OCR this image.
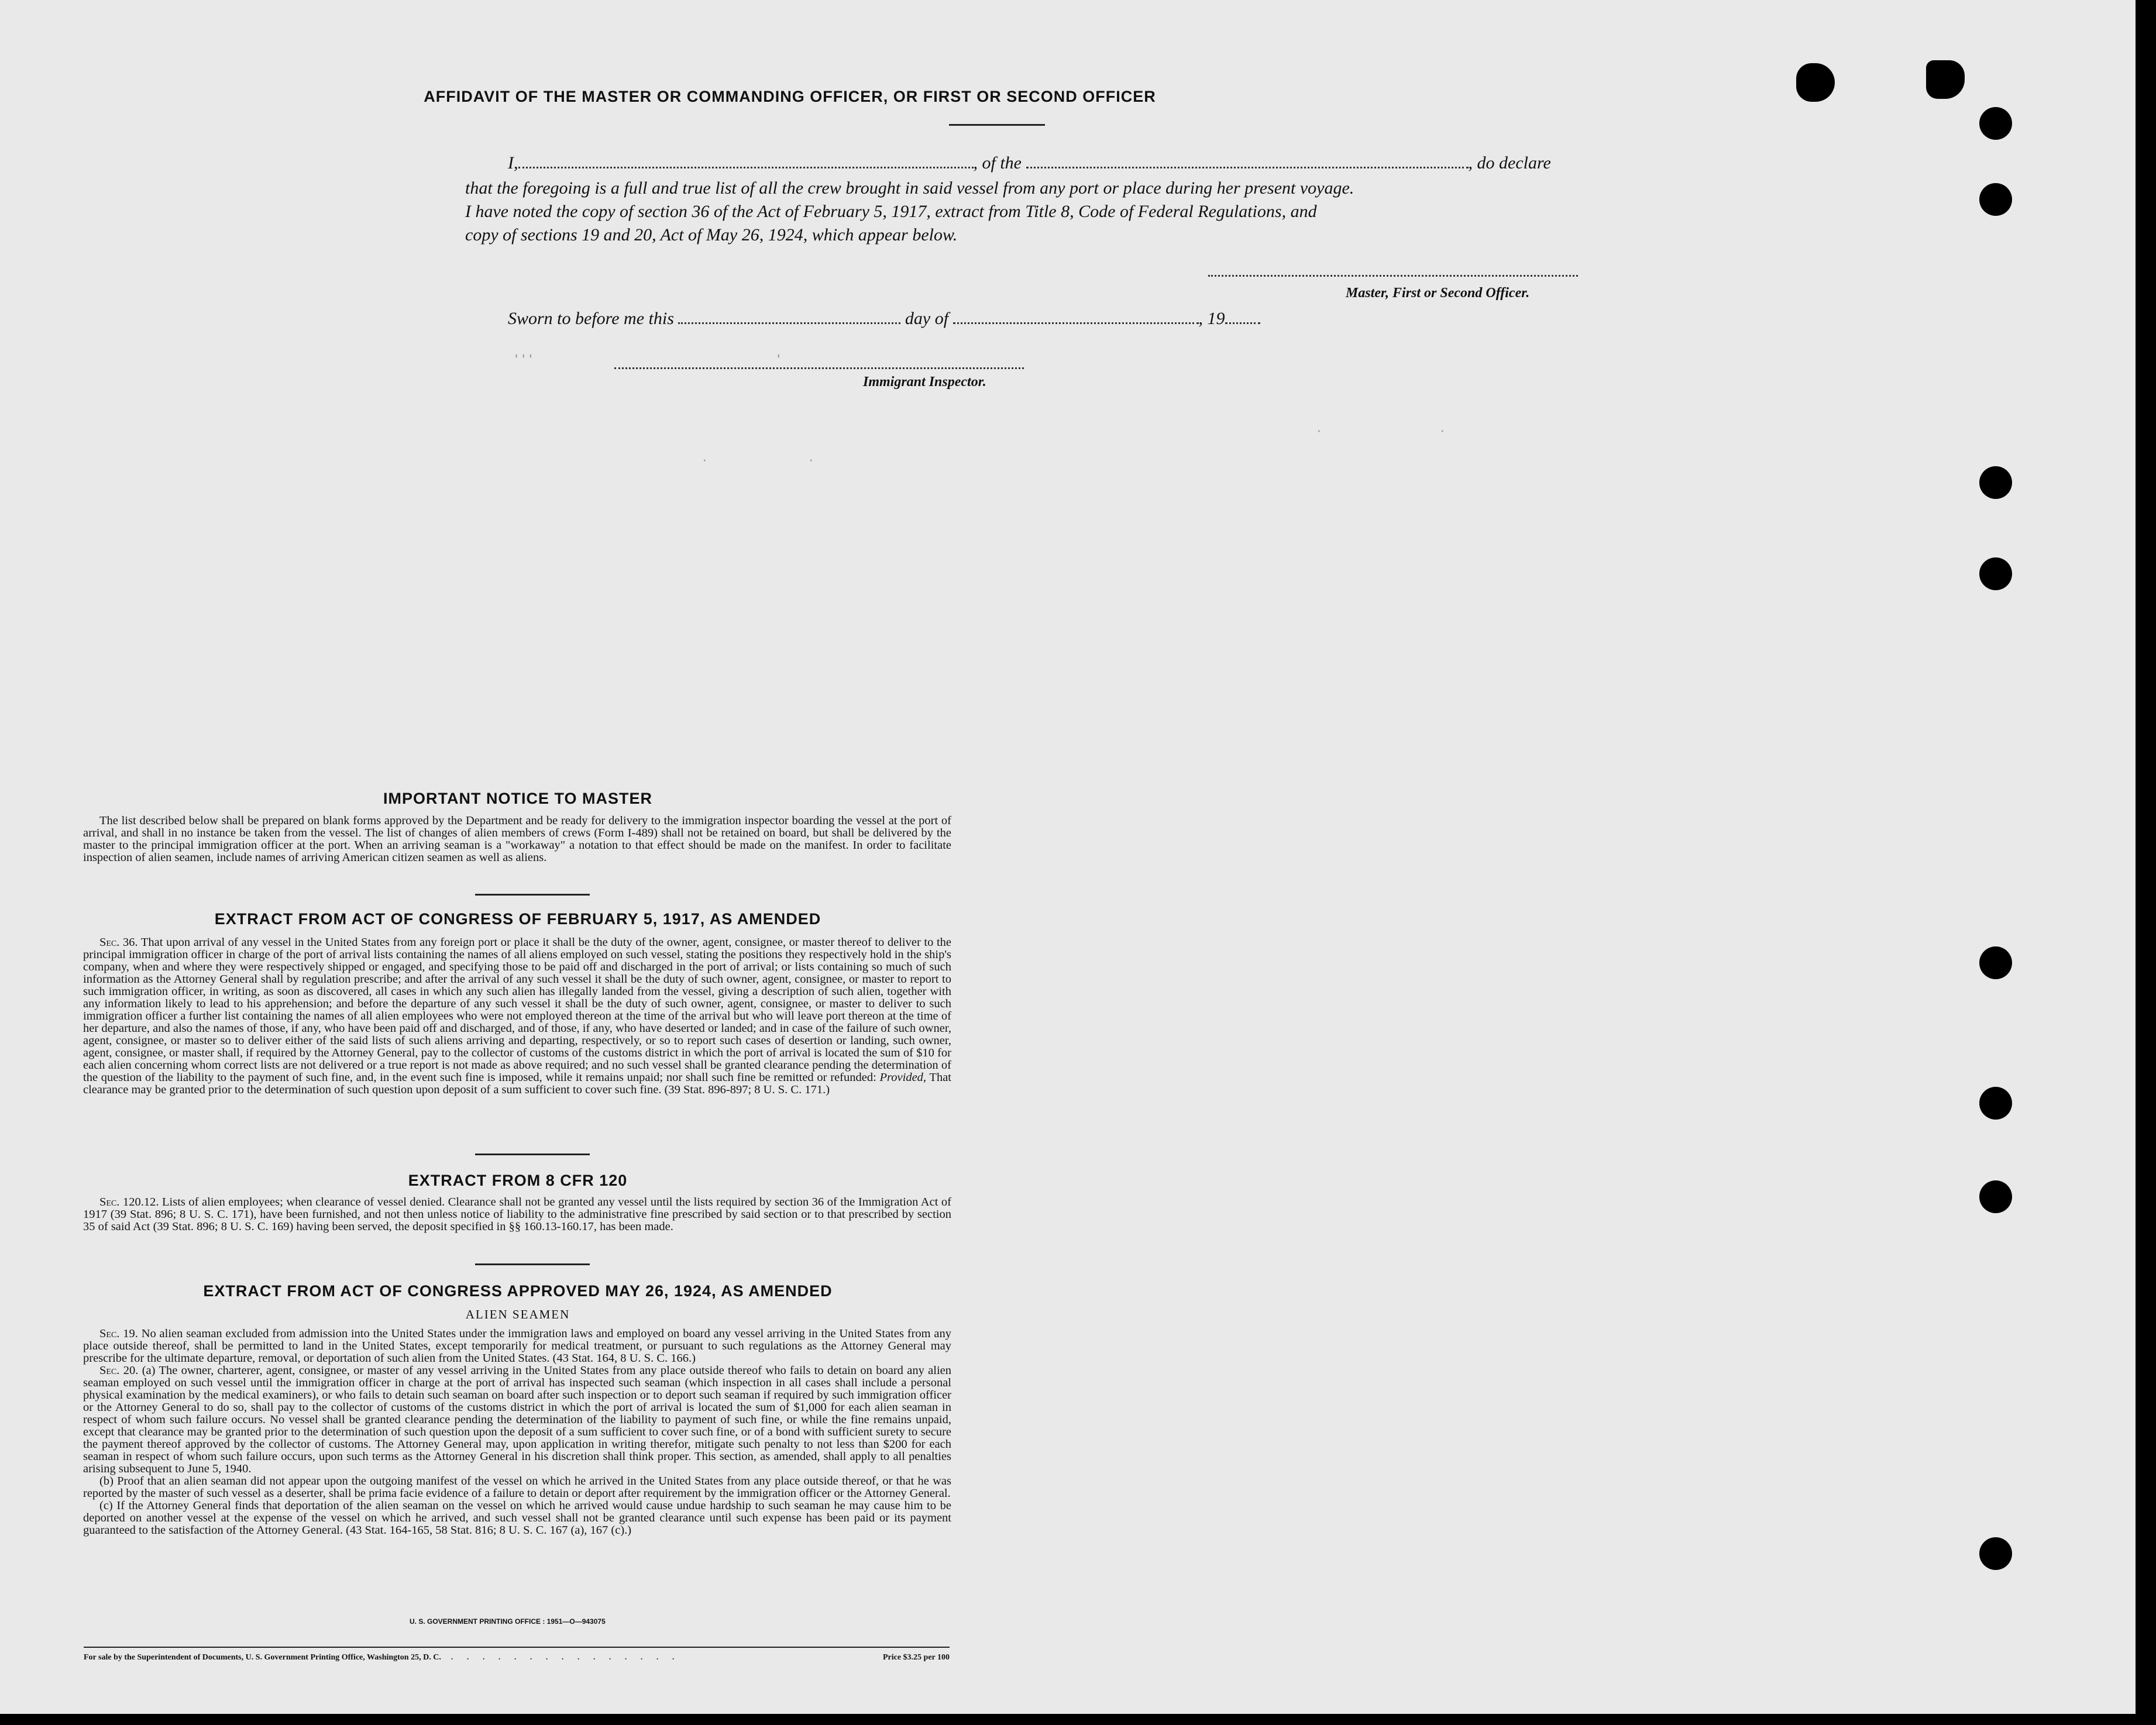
' ' '                                                          '
·                        ·
·                            ·
AFFIDAVIT OF THE MASTER OR COMMANDING OFFICER, OR FIRST OR SECOND OFFICER
I,	, of the	, do declare
that the foregoing is a full and true list of all the crew brought in said vessel from any port or place during her present voyage.
I have noted the copy of section 36 of the Act of February 5, 1917, extract from Title 8, Code of Federal Regulations, and
copy of sections 19 and 20, Act of May 26, 1924, which appear below.
Master, First or Second Officer.
Sworn to before me this	day of	, 19
Immigrant Inspector.
IMPORTANT NOTICE TO MASTER

The list described below shall be prepared on blank forms approved by the Department and be ready for delivery to the immigration inspector boarding the vessel at the port of arrival, and shall in no instance be taken from the vessel. The list of changes of alien members of crews (Form I-489) shall not be retained on board, but shall be delivered by the master to the principal immigration officer at the port. When an arriving seaman is a "workaway" a notation to that effect should be made on the manifest. In order to facilitate inspection of alien seamen, include names of arriving American citizen seamen as well as aliens.

EXTRACT FROM ACT OF CONGRESS OF FEBRUARY 5, 1917, AS AMENDED

Sec. 36. That upon arrival of any vessel in the United States from any foreign port or place it shall be the duty of the owner, agent, consignee, or master thereof to deliver to the principal immigration officer in charge of the port of arrival lists containing the names of all aliens employed on such vessel, stating the positions they respectively hold in the ship's company, when and where they were respectively shipped or engaged, and specifying those to be paid off and discharged in the port of arrival; or lists containing so much of such information as the Attorney General shall by regulation prescribe; and after the arrival of any such vessel it shall be the duty of such owner, agent, consignee, or master to report to such immigration officer, in writing, as soon as discovered, all cases in which any such alien has illegally landed from the vessel, giving a description of such alien, together with any information likely to lead to his apprehension; and before the departure of any such vessel it shall be the duty of such owner, agent, consignee, or master to deliver to such immigration officer a further list containing the names of all alien employees who were not employed thereon at the time of the arrival but who will leave port thereon at the time of her departure, and also the names of those, if any, who have been paid off and discharged, and of those, if any, who have deserted or landed; and in case of the failure of such owner, agent, consignee, or master so to deliver either of the said lists of such aliens arriving and departing, respectively, or so to report such cases of desertion or landing, such owner, agent, consignee, or master shall, if required by the Attorney General, pay to the collector of customs of the customs district in which the port of arrival is located the sum of $10 for each alien concerning whom correct lists are not delivered or a true report is not made as above required; and no such vessel shall be granted clearance pending the determination of the question of the liability to the payment of such fine, and, in the event such fine is imposed, while it remains unpaid; nor shall such fine be remitted or refunded: Provided, That clearance may be granted prior to the determination of such question upon deposit of a sum sufficient to cover such fine. (39 Stat. 896-897; 8 U. S. C. 171.)

EXTRACT FROM 8 CFR 120

Sec. 120.12. Lists of alien employees; when clearance of vessel denied. Clearance shall not be granted any vessel until the lists required by section 36 of the Immigration Act of 1917 (39 Stat. 896; 8 U. S. C. 171), have been furnished, and not then unless notice of liability to the administrative fine prescribed by said section or to that prescribed by section 35 of said Act (39 Stat. 896; 8 U. S. C. 169) having been served, the deposit specified in §§ 160.13-160.17, has been made.

EXTRACT FROM ACT OF CONGRESS APPROVED MAY 26, 1924, AS AMENDED
ALIEN SEAMEN

Sec. 19. No alien seaman excluded from admission into the United States under the immigration laws and employed on board any vessel arriving in the United States from any place outside thereof, shall be permitted to land in the United States, except temporarily for medical treatment, or pursuant to such regulations as the Attorney General may prescribe for the ultimate departure, removal, or deportation of such alien from the United States. (43 Stat. 164, 8 U. S. C. 166.)

Sec. 20. (a) The owner, charterer, agent, consignee, or master of any vessel arriving in the United States from any place outside thereof who fails to detain on board any alien seaman employed on such vessel until the immigration officer in charge at the port of arrival has inspected such seaman (which inspection in all cases shall include a personal physical examination by the medical examiners), or who fails to detain such seaman on board after such inspection or to deport such seaman if required by such immigration officer or the Attorney General to do so, shall pay to the collector of customs of the customs district in which the port of arrival is located the sum of $1,000 for each alien seaman in respect of whom such failure occurs. No vessel shall be granted clearance pending the determination of the liability to payment of such fine, or while the fine remains unpaid, except that clearance may be granted prior to the determination of such question upon the deposit of a sum sufficient to cover such fine, or of a bond with sufficient surety to secure the payment thereof approved by the collector of customs. The Attorney General may, upon application in writing therefor, mitigate such penalty to not less than $200 for each seaman in respect of whom such failure occurs, upon such terms as the Attorney General in his discretion shall think proper. This section, as amended, shall apply to all penalties arising subsequent to June 5, 1940.

(b) Proof that an alien seaman did not appear upon the outgoing manifest of the vessel on which he arrived in the United States from any place outside thereof, or that he was reported by the master of such vessel as a deserter, shall be prima facie evidence of a failure to detain or deport after requirement by the immigration officer or the Attorney General.

(c) If the Attorney General finds that deportation of the alien seaman on the vessel on which he arrived would cause undue hardship to such seaman he may cause him to be deported on another vessel at the expense of the vessel on which he arrived, and such vessel shall not be granted clearance until such expense has been paid or its payment guaranteed to the satisfaction of the Attorney General. (43 Stat. 164-165, 58 Stat. 816; 8 U. S. C. 167 (a), 167 (c).)

U. S. GOVERNMENT PRINTING OFFICE : 1951—O—943075
For sale by the Superintendent of Documents, U. S. Government Printing Office, Washington 25, D. C.  . . . . . . . . . . . . . . .	Price $3.25 per 100
